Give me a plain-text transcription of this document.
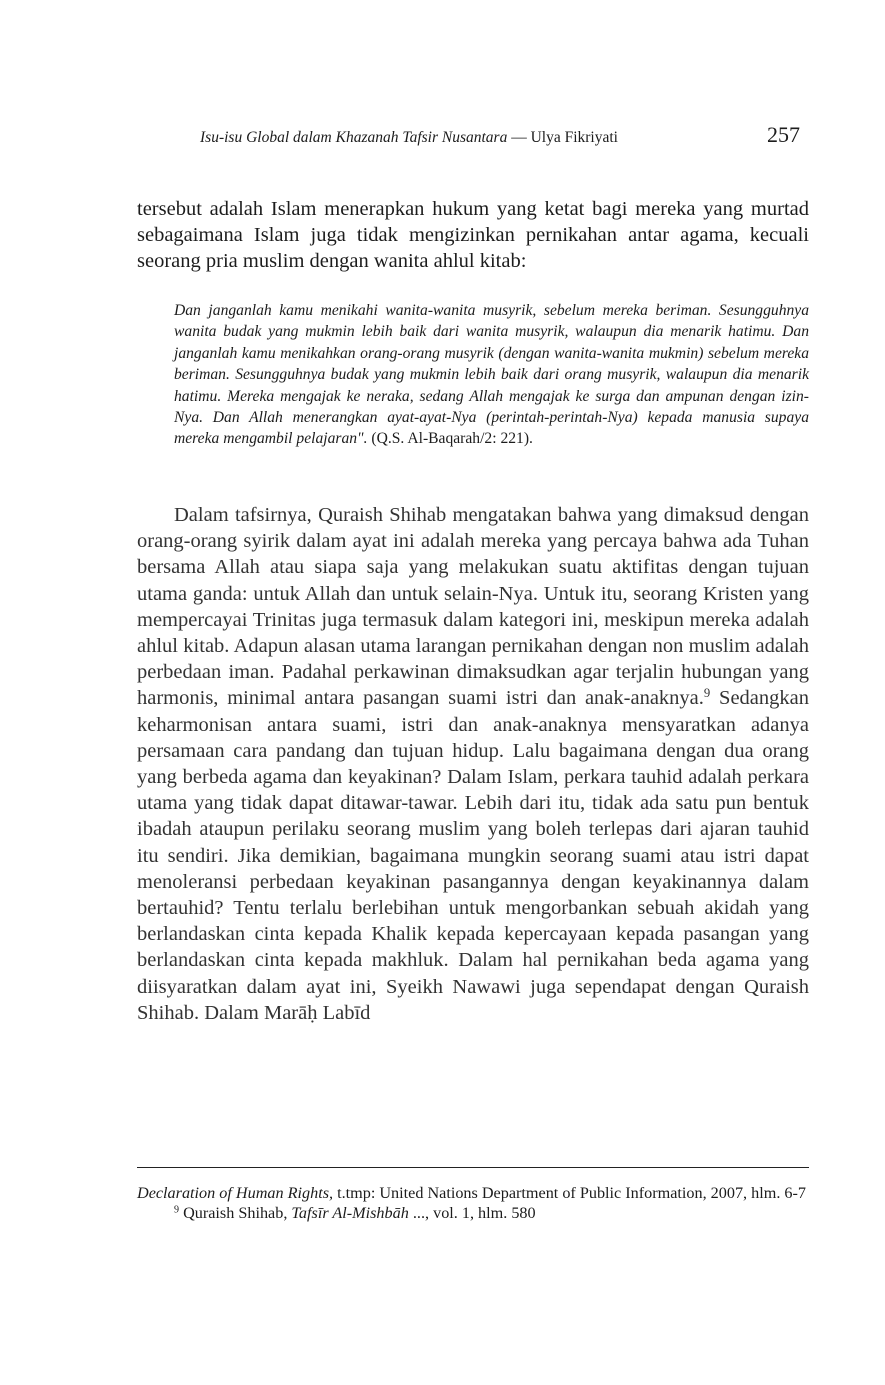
Isu-isu Global dalam Khazanah Tafsir Nusantara — Ulya Fikriyati	257
tersebut adalah Islam menerapkan hukum yang ketat bagi mereka yang murtad sebagaimana Islam juga tidak mengizinkan pernikahan antar agama, kecuali seorang pria muslim dengan wanita ahlul kitab:
Dan janganlah kamu menikahi wanita-wanita musyrik, sebelum mereka beriman. Sesungguhnya wanita budak yang mukmin lebih baik dari wanita musyrik, walaupun dia menarik hatimu. Dan janganlah kamu menikahkan orang-orang musyrik (dengan wanita-wanita mukmin) sebelum mereka beriman. Sesungguhnya budak yang mukmin lebih baik dari orang musyrik, walaupun dia menarik hatimu. Mereka mengajak ke neraka, sedang Allah mengajak ke surga dan ampunan dengan izin-Nya. Dan Allah menerangkan ayat-ayat-Nya (perintah-perintah-Nya) kepada manusia supaya mereka mengambil pelajaran". (Q.S. Al-Baqarah/2: 221).
Dalam tafsirnya, Quraish Shihab mengatakan bahwa yang dimaksud dengan orang-orang syirik dalam ayat ini adalah mereka yang percaya bahwa ada Tuhan bersama Allah atau siapa saja yang melakukan suatu aktifitas dengan tujuan utama ganda: untuk Allah dan untuk selain-Nya. Untuk itu, seorang Kristen yang mempercayai Trinitas juga termasuk dalam kategori ini, meskipun mereka adalah ahlul kitab. Adapun alasan utama larangan pernikahan dengan non muslim adalah perbedaan iman. Padahal perkawinan dimaksudkan agar terjalin hubungan yang harmonis, minimal antara pasangan suami istri dan anak-anaknya.$^9$ Sedangkan keharmonisan antara suami, istri dan anak-anaknya mensyaratkan adanya persamaan cara pandang dan tujuan hidup. Lalu bagaimana dengan dua orang yang berbeda agama dan keyakinan? Dalam Islam, perkara tauhid adalah perkara utama yang tidak dapat ditawar-tawar. Lebih dari itu, tidak ada satu pun bentuk ibadah ataupun perilaku seorang muslim yang boleh terlepas dari ajaran tauhid itu sendiri. Jika demikian, bagaimana mungkin seorang suami atau istri dapat menoleransi perbedaan keyakinan pasangannya dengan keyakinannya dalam bertauhid? Tentu terlalu berlebihan untuk mengorbankan sebuah akidah yang berlandaskan cinta kepada Khalik kepada kepercayaan kepada pasangan yang berlandaskan cinta kepada makhluk. Dalam hal pernikahan beda agama yang diisyaratkan dalam ayat ini, Syeikh Nawawi juga sependapat dengan Quraish Shihab. Dalam Marāḥ Labīd
Declaration of Human Rights, t.tmp: United Nations Department of Public Information, 2007, hlm. 6-7
$^9$ Quraish Shihab, Tafsīr Al-Mishbāh ..., vol. 1, hlm. 580
